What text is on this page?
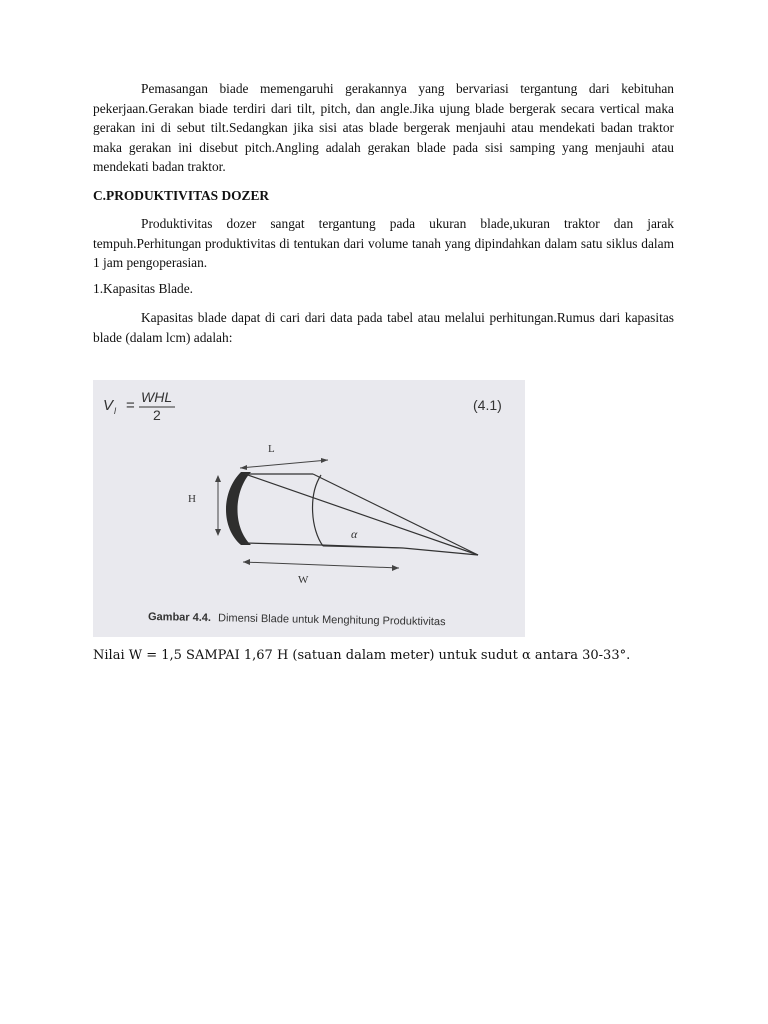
Pemasangan biade memengaruhi gerakannya yang bervariasi tergantung dari kebituhan pekerjaan.Gerakan biade terdiri dari tilt, pitch, dan angle.Jika ujung blade bergerak secara vertical maka gerakan ini di sebut tilt.Sedangkan jika sisi atas blade bergerak menjauhi atau mendekati badan traktor maka gerakan ini disebut pitch.Angling adalah gerakan blade pada sisi samping yang menjauhi atau mendekati badan traktor.

C.PRODUKTIVITAS DOZER

Produktivitas dozer sangat tergantung pada ukuran blade,ukuran traktor dan jarak tempuh.Perhitungan produktivitas di tentukan dari volume tanah yang dipindahkan dalam satu siklus dalam 1 jam pengoperasian.

1.Kapasitas Blade.

Kapasitas blade dapat di cari dari data pada tabel atau melalui perhitungan.Rumus dari kapasitas blade (dalam lcm) adalah:

V l = WHL
2
(4.1)
L
H
α
W
Gambar 4.4. Dimensi Blade untuk Menghitung Produktivitas
Nilai W = 1,5 SAMPAI 1,67 H (satuan dalam meter) untuk sudut α antara 30-33°.
